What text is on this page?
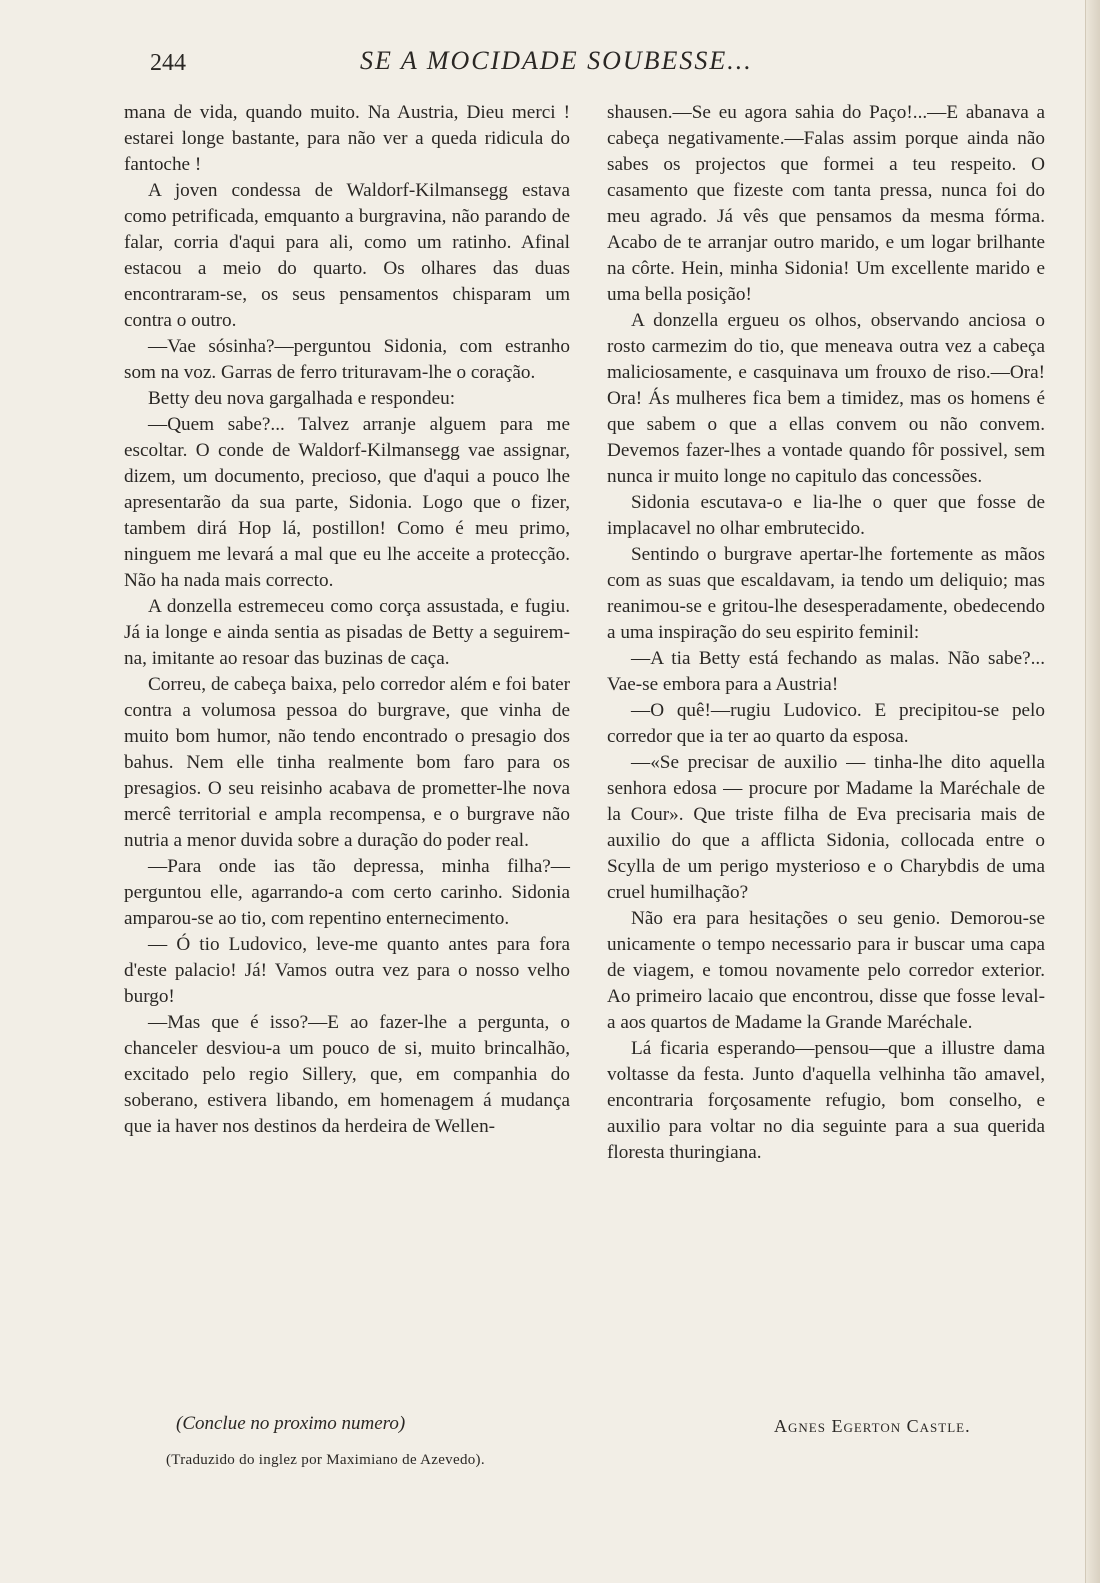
244	SE A MOCIDADE SOUBESSE...

mana de vida, quando muito. Na Austria, Dieu merci ! estarei longe bastante, para não ver a queda ridicula do fantoche !

A joven condessa de Waldorf-Kilmansegg estava como petrificada, emquanto a burgravina, não parando de falar, corria d'aqui para ali, como um ratinho. Afinal estacou a meio do quarto. Os olhares das duas encontraram-se, os seus pensamentos chisparam um contra o outro.

—Vae sósinha?—perguntou Sidonia, com estranho som na voz. Garras de ferro trituravam-lhe o coração.

Betty deu nova gargalhada e respondeu:

—Quem sabe?... Talvez arranje alguem para me escoltar. O conde de Waldorf-Kilmansegg vae assignar, dizem, um documento, precioso, que d'aqui a pouco lhe apresentarão da sua parte, Sidonia. Logo que o fizer, tambem dirá Hop lá, postillon! Como é meu primo, ninguem me levará a mal que eu lhe acceite a protecção. Não ha nada mais correcto.

A donzella estremeceu como corça assustada, e fugiu. Já ia longe e ainda sentia as pisadas de Betty a seguirem-na, imitante ao resoar das buzinas de caça.

Correu, de cabeça baixa, pelo corredor além e foi bater contra a volumosa pessoa do burgrave, que vinha de muito bom humor, não tendo encontrado o presagio dos bahus. Nem elle tinha realmente bom faro para os presagios. O seu reisinho acabava de prometter-lhe nova mercê territorial e ampla recompensa, e o burgrave não nutria a menor duvida sobre a duração do poder real.

—Para onde ias tão depressa, minha filha?—perguntou elle, agarrando-a com certo carinho. Sidonia amparou-se ao tio, com repentino enternecimento.

— Ó tio Ludovico, leve-me quanto antes para fora d'este palacio! Já! Vamos outra vez para o nosso velho burgo!

—Mas que é isso?—E ao fazer-lhe a pergunta, o chanceler desviou-a um pouco de si, muito brincalhão, excitado pelo regio Sillery, que, em companhia do soberano, estivera libando, em homenagem á mudança que ia haver nos destinos da herdeira de Wellen-

shausen.—Se eu agora sahia do Paço!...—E abanava a cabeça negativamente.—Falas assim porque ainda não sabes os projectos que formei a teu respeito. O casamento que fizeste com tanta pressa, nunca foi do meu agrado. Já vês que pensamos da mesma fórma. Acabo de te arranjar outro marido, e um logar brilhante na côrte. Hein, minha Sidonia! Um excellente marido e uma bella posição!

A donzella ergueu os olhos, observando anciosa o rosto carmezim do tio, que meneava outra vez a cabeça maliciosamente, e casquinava um frouxo de riso.—Ora! Ora! Ás mulheres fica bem a timidez, mas os homens é que sabem o que a ellas convem ou não convem. Devemos fazer-lhes a vontade quando fôr possivel, sem nunca ir muito longe no capitulo das concessões.

Sidonia escutava-o e lia-lhe o quer que fosse de implacavel no olhar embrutecido.

Sentindo o burgrave apertar-lhe fortemente as mãos com as suas que escaldavam, ia tendo um deliquio; mas reanimou-se e gritou-lhe desesperadamente, obedecendo a uma inspiração do seu espirito feminil:

—A tia Betty está fechando as malas. Não sabe?... Vae-se embora para a Austria!

—O quê!—rugiu Ludovico. E precipitou-se pelo corredor que ia ter ao quarto da esposa.

—«Se precisar de auxilio — tinha-lhe dito aquella senhora edosa — procure por Madame la Maréchale de la Cour». Que triste filha de Eva precisaria mais de auxilio do que a afflicta Sidonia, collocada entre o Scylla de um perigo mysterioso e o Charybdis de uma cruel humilhação?

Não era para hesitações o seu genio. Demorou-se unicamente o tempo necessario para ir buscar uma capa de viagem, e tomou novamente pelo corredor exterior. Ao primeiro lacaio que encontrou, disse que fosse leval-a aos quartos de Madame la Grande Maréchale.

Lá ficaria esperando—pensou—que a illustre dama voltasse da festa. Junto d'aquella velhinha tão amavel, encontraria forçosamente refugio, bom conselho, e auxilio para voltar no dia seguinte para a sua querida floresta thuringiana.

(Conclue no proximo numero)
(Traduzido do inglez por Maximiano de Azevedo).
Agnes Egerton Castle.
